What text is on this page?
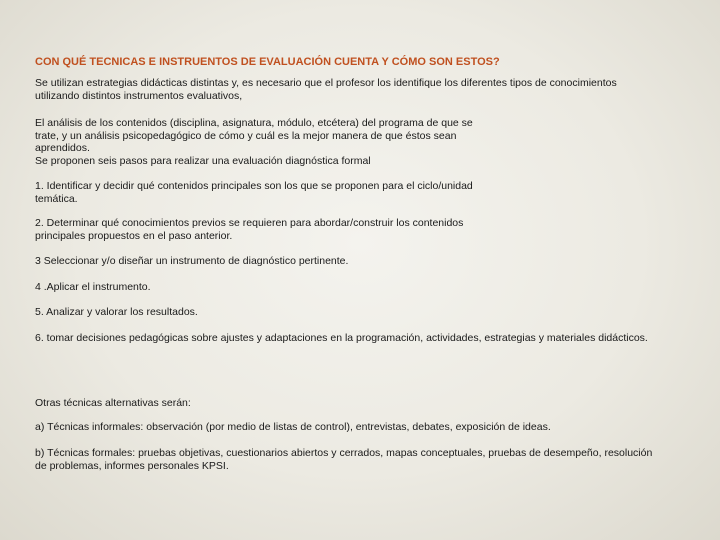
CON QUÉ TECNICAS E INSTRUENTOS DE EVALUACIÓN CUENTA Y CÓMO SON ESTOS?
Se utilizan estrategias didácticas distintas y, es necesario que el profesor los identifique los diferentes tipos de conocimientos
utilizando distintos instrumentos evaluativos,
El análisis de los contenidos (disciplina, asignatura, módulo, etcétera) del programa de que se
trate, y un análisis psicopedagógico de cómo y cuál es la mejor manera de que éstos sean
aprendidos.
Se proponen seis pasos para realizar una evaluación diagnóstica formal
1. Identificar y decidir qué contenidos principales son los que se proponen para el ciclo/unidad
temática.
2. Determinar qué conocimientos previos se requieren para abordar/construir los contenidos
principales propuestos en el paso anterior.
3 Seleccionar y/o diseñar un instrumento de diagnóstico pertinente.
4 .Aplicar el instrumento.
5. Analizar y valorar los resultados.
6. tomar decisiones pedagógicas sobre ajustes y adaptaciones en la programación, actividades, estrategias y materiales didácticos.
Otras técnicas alternativas serán:
a) Técnicas informales: observación (por medio de listas de control), entrevistas, debates, exposición de ideas.
b) Técnicas formales: pruebas objetivas, cuestionarios abiertos y cerrados, mapas conceptuales, pruebas de desempeño, resolución
de problemas, informes personales KPSI.
